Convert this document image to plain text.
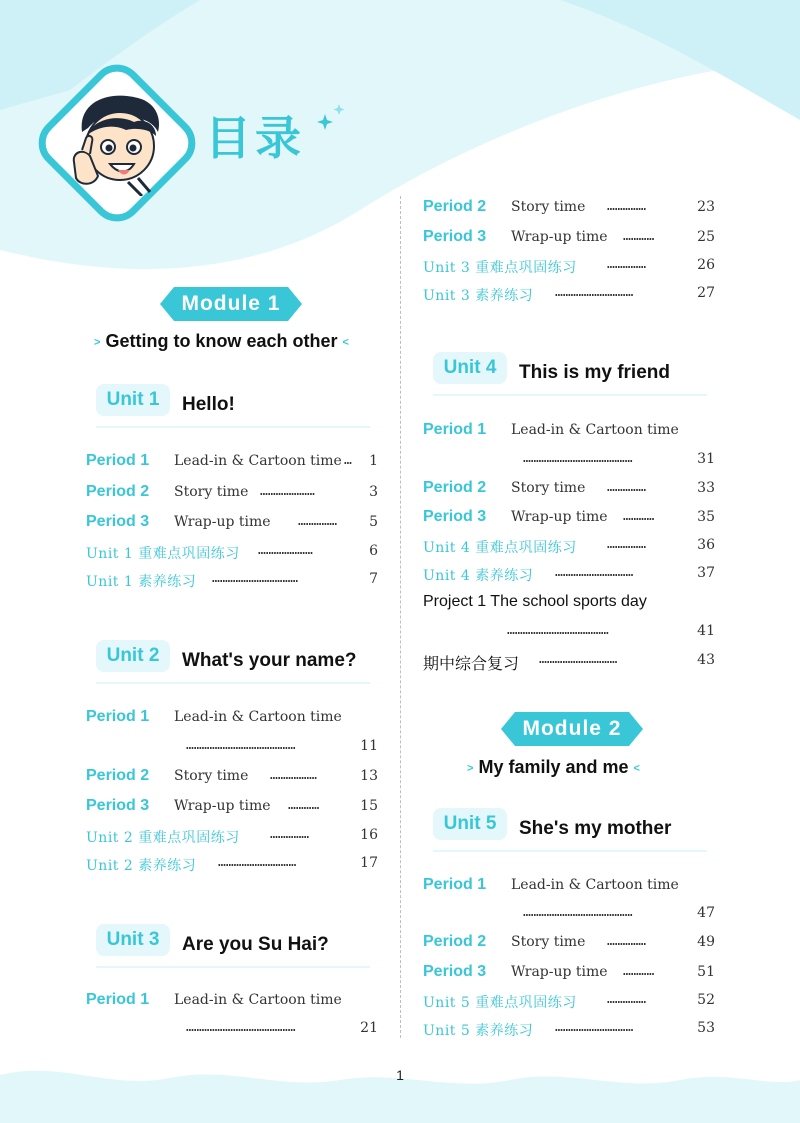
目录
Module 1
> Getting to know each other <
Unit 1	Hello!
Period 1 Lead-in & Cartoon time … 1
Period 2 Story time …………………	3
Period 3 Wrap-up time …………… 5
Unit 1 重难点巩固练习 …………………	6
Unit 1 素养练习 ……………………………	7
Unit 2	What's your name?
Period 1 Lead-in & Cartoon time
……………………………………	11
Period 2 Story time ………………	13
Period 3 Wrap-up time …………	15
Unit 2 重难点巩固练习 ……………	16
Unit 2 素养练习 …………………………	17
Unit 3	Are you Su Hai?
Period 1 Lead-in & Cartoon time
……………………………………	21
Period 2 Story time ……………	23
Period 3 Wrap-up time …………	25
Unit 3 重难点巩固练习 ……………	26
Unit 3 素养练习 …………………………	27
Unit 4	This is my friend
Period 1 Lead-in & Cartoon time
……………………………………	31
Period 2 Story time ……………	33
Period 3 Wrap-up time …………	35
Unit 4 重难点巩固练习 ……………	36
Unit 4 素养练习 …………………………	37
Project 1 The school sports day
…………………………………	41
期中综合复习 …………………………	43
Module 2
> My family and me <
Unit 5	She's my mother
Period 1 Lead-in & Cartoon time
……………………………………	47
Period 2 Story time ……………	49
Period 3 Wrap-up time …………	51
Unit 5 重难点巩固练习 ……………	52
Unit 5 素养练习 …………………………	53
1
